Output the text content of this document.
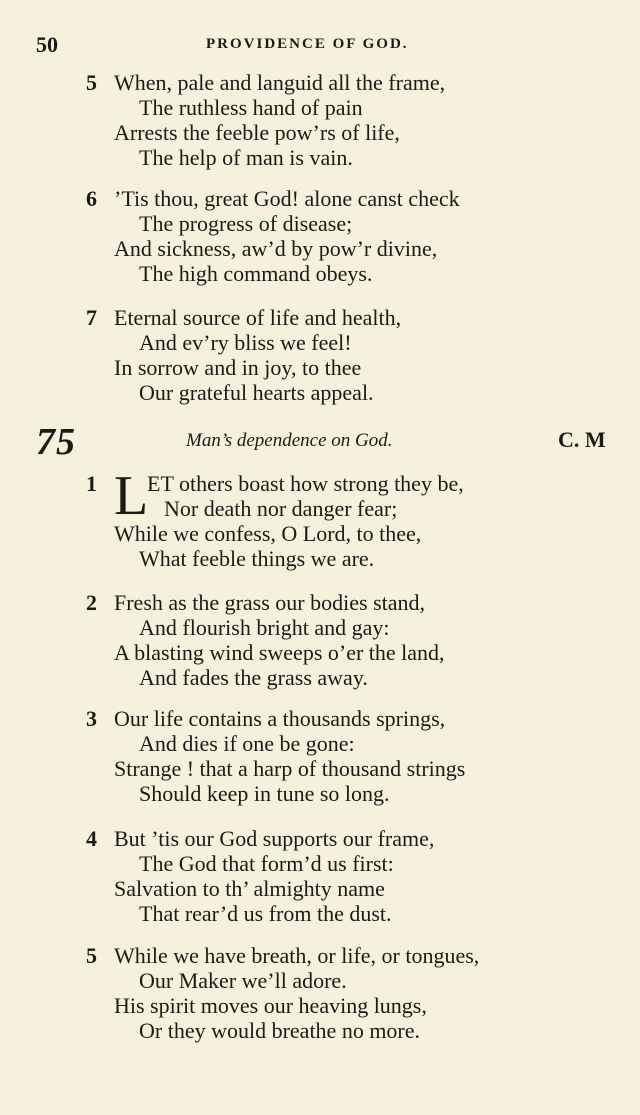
50	PROVIDENCE OF GOD.
5 When, pale and languid all the frame,
The ruthless hand of pain
Arrests the feeble pow’rs of life,
The help of man is vain.
6 ’Tis thou, great God! alone canst check
The progress of disease;
And sickness, aw’d by pow’r divine,
The high command obeys.
7 Eternal source of life and health,
And ev’ry bliss we feel!
In sorrow and in joy, to thee
Our grateful hearts appeal.
75	Man’s dependence on God.	C. M
1 L
ET others boast how strong they be,
Nor death nor danger fear;
While we confess, O Lord, to thee,
What feeble things we are.
2 Fresh as the grass our bodies stand,
And flourish bright and gay:
A blasting wind sweeps o’er the land,
And fades the grass away.
3 Our life contains a thousands springs,
And dies if one be gone:
Strange ! that a harp of thousand strings
Should keep in tune so long.
4 But ’tis our God supports our frame,
The God that form’d us first:
Salvation to th’ almighty name
That rear’d us from the dust.
5 While we have breath, or life, or tongues,
Our Maker we’ll adore.
His spirit moves our heaving lungs,
Or they would breathe no more.
